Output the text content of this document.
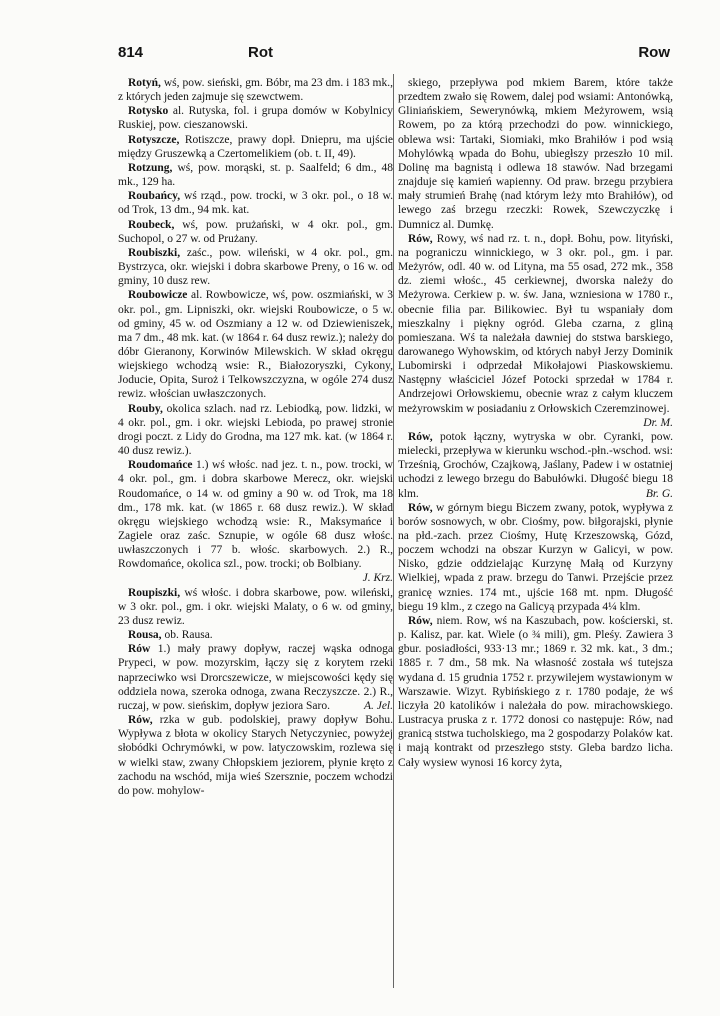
814	Rot	Row

Rotyń, wś, pow. sieński, gm. Bóbr, ma 23 dm. i 183 mk., z których jeden zajmuje się szewctwem.

Rotysko al. Rutyska, fol. i grupa domów w Kobylnicy Ruskiej, pow. cieszanowski.

Rotyszcze, Rotiszcze, prawy dopł. Dniepru, ma ujście między Gruszewką a Czertomelikiem (ob. t. II, 49).

Rotzung, wś, pow. morąski, st. p. Saalfeld; 6 dm., 48 mk., 129 ha.

Roubańcy, wś rząd., pow. trocki, w 3 okr. pol., o 18 w. od Trok, 13 dm., 94 mk. kat.

Roubeck, wś, pow. prużański, w 4 okr. pol., gm. Suchopol, o 27 w. od Prużany.

Roubiszki, zaśc., pow. wileński, w 4 okr. pol., gm. Bystrzyca, okr. wiejski i dobra skarbowe Preny, o 16 w. od gminy, 10 dusz rew.

Roubowicze al. Rowbowicze, wś, pow. oszmiański, w 3 okr. pol., gm. Lipniszki, okr. wiejski Roubowicze, o 5 w. od gminy, 45 w. od Oszmiany a 12 w. od Dziewieniszek, ma 7 dm., 48 mk. kat. (w 1864 r. 64 dusz rewiz.); należy do dóbr Gieranony, Korwinów Milewskich. W skład okręgu wiejskiego wchodzą wsie: R., Białozoryszki, Cykony, Joducie, Opita, Suroż i Telkowszczyzna, w ogóle 274 dusz rewiz. włościan uwłaszczonych.

Rouby, okolica szlach. nad rz. Lebiodką, pow. lidzki, w 4 okr. pol., gm. i okr. wiejski Lebioda, po prawej stronie drogi poczt. z Lidy do Grodna, ma 127 mk. kat. (w 1864 r. 40 dusz rewiz.).

Roudomańce 1.) wś włośc. nad jez. t. n., pow. trocki, w 4 okr. pol., gm. i dobra skarbowe Merecz, okr. wiejski Roudomańce, o 14 w. od gminy a 90 w. od Trok, ma 18 dm., 178 mk. kat. (w 1865 r. 68 dusz rewiz.). W skład okręgu wiejskiego wchodzą wsie: R., Maksymańce i Zagiele oraz zaśc. Sznupie, w ogóle 68 dusz włośc. uwłaszczonych i 77 b. włośc. skarbowych. 2.) R., Rowdomańce, okolica szl., pow. trocki; ob Bolbiany.
J. Krz.

Roupiszki, wś włośc. i dobra skarbowe, pow. wileński, w 3 okr. pol., gm. i okr. wiejski Malaty, o 6 w. od gminy, 23 dusz rewiz.

Rousa, ob. Rausa.

Rów 1.) mały prawy dopływ, raczej wąska odnoga Prypeci, w pow. mozyrskim, łączy się z korytem rzeki naprzeciwko wsi Drorcszewicze, w miejscowości kędy się oddziela nowa, szeroka odnoga, zwana Reczyszcze. 2.) R., ruczaj, w pow. sieńskim, dopływ jeziora Saro.	A. Jel.

Rów, rzka w gub. podolskiej, prawy dopływ Bohu. Wypływa z błota w okolicy Starych Netyczyniec, powyżej słobódki Ochrymówki, w pow. latyczowskim, rozlewa się w wielki staw, zwany Chłopskiem jeziorem, płynie kręto z zachodu na wschód, mija wieś Szersznie, poczem wchodzi do pow. mohylow-

skiego, przepływa pod mkiem Barem, które także przedtem zwało się Rowem, dalej pod wsiami: Antonówką, Gliniańskiem, Sewerynówką, mkiem Meżyrowem, wsią Rowem, po za którą przechodzi do pow. winnickiego, oblewa wsi: Tartaki, Siomiaki, mko Brahiłów i pod wsią Mohylówką wpada do Bohu, ubiegłszy przeszło 10 mil. Dolinę ma bagnistą i odlewa 18 stawów. Nad brzegami znajduje się kamień wapienny. Od praw. brzegu przybiera mały strumień Brahę (nad którym leży mto Brahiłów), od lewego zaś brzegu rzeczki: Rowek, Szewczyczkę i Dumnicz al. Dumkę.

Rów, Rowy, wś nad rz. t. n., dopł. Bohu, pow. lityński, na pograniczu winnickiego, w 3 okr. pol., gm. i par. Meżyrów, odl. 40 w. od Lityna, ma 55 osad, 272 mk., 358 dz. ziemi włośc., 45 cerkiewnej, dworska należy do Meżyrowa. Cerkiew p. w. św. Jana, wzniesiona w 1780 r., obecnie filia par. Bilikowiec. Był tu wspaniały dom mieszkalny i piękny ogród. Gleba czarna, z gliną pomieszana. Wś ta należała dawniej do ststwa barskiego, darowanego Wyhowskim, od których nabył Jerzy Dominik Lubomirski i odprzedał Mikołajowi Piaskowskiemu. Następny właściciel Józef Potocki sprzedał w 1784 r. Andrzejowi Orłowskiemu, obecnie wraz z całym kluczem meżyrowskim w posiadaniu z Orłowskich Czeremzinowej.
Dr. M.

Rów, potok łączny, wytryska w obr. Cyranki, pow. mielecki, przepływa w kierunku wschod.-płn.-wschod. wsi: Trześnią, Grochów, Czajkową, Jaślany, Padew i w ostatniej uchodzi z lewego brzegu do Babułówki. Długość biegu 18 klm.	Br. G.

Rów, w górnym biegu Biczem zwany, potok, wypływa z borów sosnowych, w obr. Ciośmy, pow. biłgorajski, płynie na płd.-zach. przez Ciośmy, Hutę Krzeszowską, Gózd, poczem wchodzi na obszar Kurzyn w Galicyi, w pow. Nisko, gdzie oddzielając Kurzynę Małą od Kurzyny Wielkiej, wpada z praw. brzegu do Tanwi. Przejście przez granicę wznies. 174 mt., ujście 168 mt. npm. Długość biegu 19 klm., z czego na Galicyą przypada 4¼ klm.

Rów, niem. Row, wś na Kaszubach, pow. kościerski, st. p. Kalisz, par. kat. Wiele (o ¾ mili), gm. Pleśy. Zawiera 3 gbur. posiadłości, 933·13 mr.; 1869 r. 32 mk. kat., 3 dm.; 1885 r. 7 dm., 58 mk. Na własność została wś tutejsza wydana d. 15 grudnia 1752 r. przywilejem wystawionym w Warszawie. Wizyt. Rybińskiego z r. 1780 podaje, że wś liczyła 20 katolików i należała do pow. mirachowskiego. Lustracya pruska z r. 1772 donosi co następuje: Rów, nad granicą ststwa tucholskiego, ma 2 gospodarzy Polaków kat. i mają kontrakt od przeszłego ststy. Gleba bardzo licha. Cały wysiew wynosi 16 korcy żyta,
